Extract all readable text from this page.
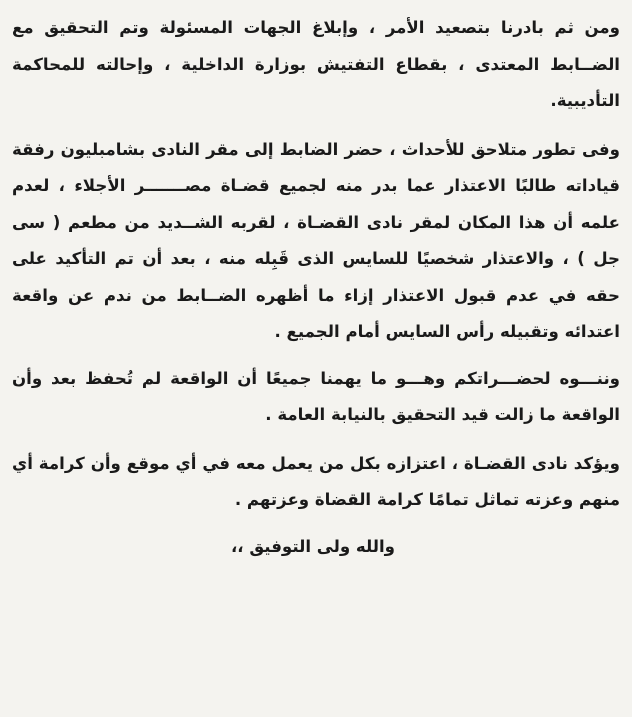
ومن ثم بادرنا بتصعيد الأمر ، وإبلاغ الجهات المسئولة وتم التحقيق مع الضــابط المعتدى ، بقطاع التفتيش بوزارة الداخلية ، وإحالته للمحاكمة التأديبية.

وفى تطور متلاحق للأحداث ، حضر الضابط إلى مقر النادى بشامبليون رفقة قياداته طالبًا الاعتذار عما بدر منه لجميع قضـاة مصـــــــر الأجلاء ، لعدم علمه أن هذا المكان لمقر نادى القضـاة ، لقربه الشــديد من مطعم ( سى جل ) ، والاعتذار شخصيًا للسايس الذى قَبِله منه ، بعد أن تم التأكيد على حقه في عدم قبول الاعتذار إزاء ما أظهره الضــابط من ندم عن واقعة اعتدائه وتقبيله رأس السايس أمام الجميع .

وننـــوه لحضـــراتكم وهـــو ما يهمنا جميعًا أن الواقعة لم تُحفظ بعد وأن الواقعة ما زالت قيد التحقيق بالنيابة العامة .

ويؤكد نادى القضـاة ، اعتزازه بكل من يعمل معه في أي موقع وأن كرامة أي منهم وعزته تماثل تمامًا كرامة القضاة وعزتهم .

والله ولى التوفيق ،،
